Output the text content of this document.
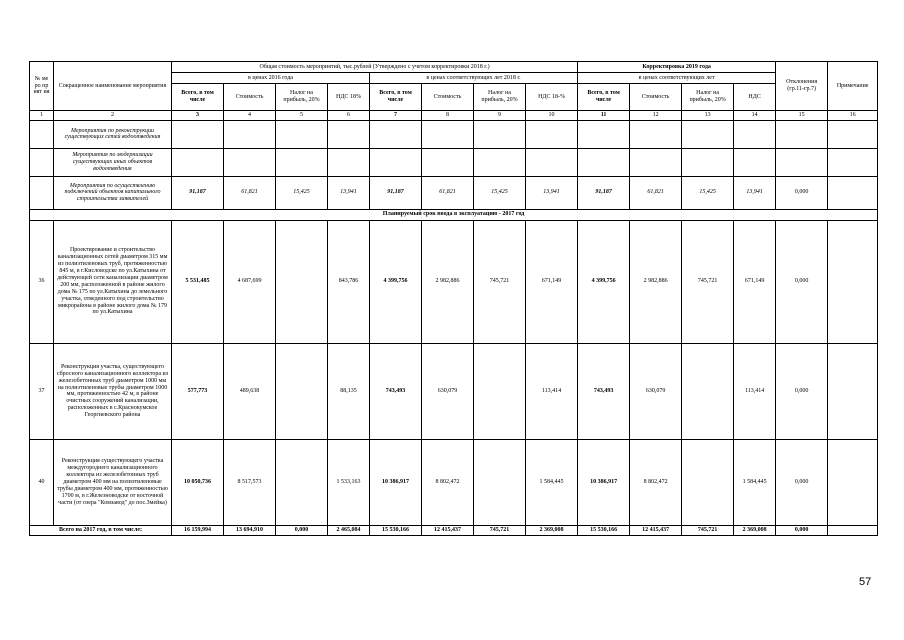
№ ме ро пр ият ия	Сокращенное наименование мероприятия	Общая стоимость мероприятий, тыс.рублей (Утверждено с учетом корректировки 2018 г.)								Корректировка 2019 года				Отклонения (гр.11-гр.7)	Примечание
		в ценах 2016 года				в ценах соответствующих лет 2018 г.				в ценах соответствующих лет					
		Всего, в том числе	Стоимость	Налог на прибыль, 20%	НДС 18%	Всего, в том числе	Стоимость	Налог на прибыль, 20%	НДС 18-%	Всего, в том числе	Стоимость	Налог на прибыль, 20%	НДС		
1	2	3	4	5	6	7	8	9	10	11	12	13	14	15	16
	Мероприятия по реконструкции существующих сетей водоотведения														
	Мероприятия по модернизации существующих иных объектов водоотведения														
	Мероприятия по осуществлению подключений объектов капитального строительства заявителей	91,187	61,821	15,425	13,941	91,187	61,821	15,425	13,941	91,187	61,821	15,425	13,941	0,000	
Планируемый срок ввода в эксплуатацию - 2017 год															
36	Проектирование и строительство канализационных сетей диаметром 315 мм из полиэтиленовых труб, протяженностью 845 м, в г.Кисловодске по ул.Катыхина от действующей сети канализации диаметром 200 мм, расположенной в районе жилого дома № 175 по ул.Катыхина до земельного участка, отведенного под строительство микрорайона в районе жилого дома № 179 по ул.Катыхина	5 531,485	4 687,699		843,786	4 399,756	2 982,886	745,721	671,149	4 399,756	2 982,886	745,721	671,149	0,000	
37	Реконструкция участка, существующего сбросного канализационного коллектора из железобетонных труб диаметром 1000 мм на полиэтиленовые трубы диаметром 1000 мм, протяженностью 42 м, в районе очистных сооружений канализации, расположенных в с.Краснокумское Георгиевского района	577,773	489,638		88,135	743,493	630,079		113,414	743,493	630,079		113,414	0,000	
40	Реконструкция существующего участка междугороднего канализационного коллектора из железобетонных труб диаметром 400 мм на полиэтиленовые трубы диаметром 400 мм, протяженностью 1700 м, в г.Железноводске от восточной части (от озера "Комзавод" до пос.Змейка)	10 050,736	8 517,573		1 533,163	10 386,917	8 802,472		1 584,445	10 386,917	8 802,472		1 584,445	0,000	
Всего на 2017 год, в том числе:		16 159,994	13 694,910	0,000	2 465,084	15 530,166	12 415,437	745,721	2 369,008	15 530,166	12 415,437	745,721	2 369,008	0,000	
57
